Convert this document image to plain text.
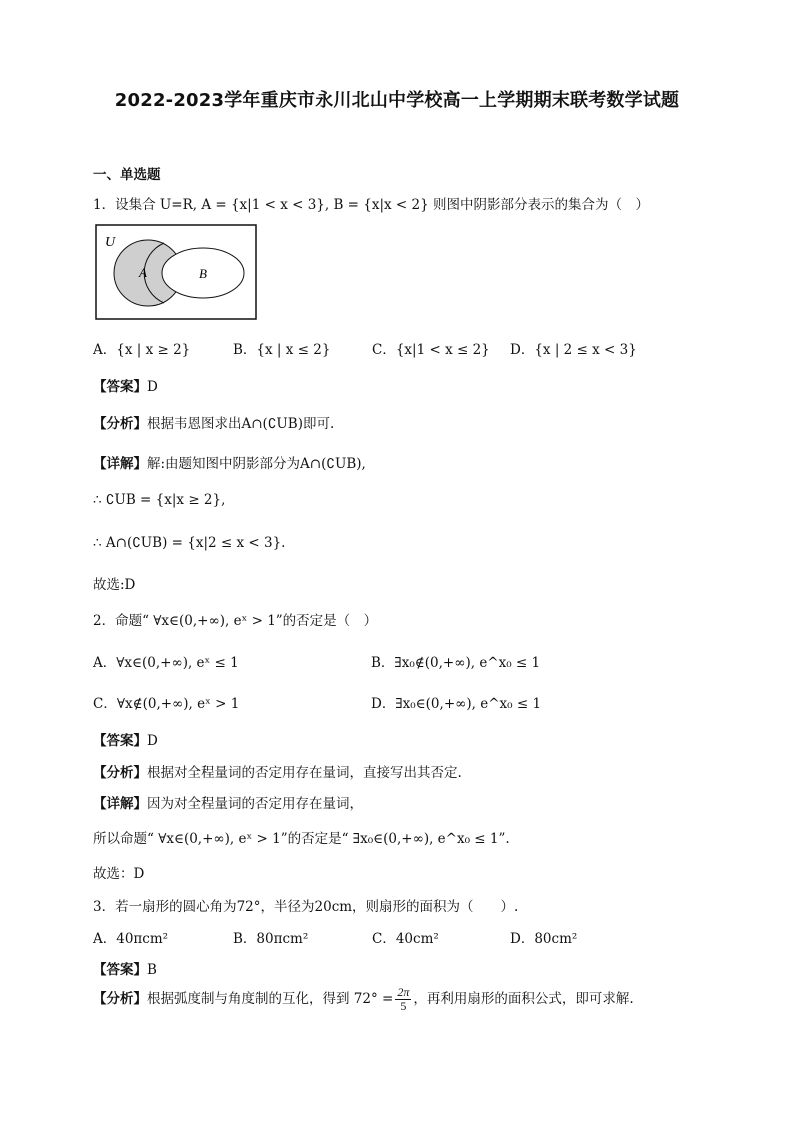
2022-2023学年重庆市永川北山中学校高一上学期期末联考数学试题
一、单选题
1．设集合 U=R, A = {x|1 < x < 3}, B = {x|x < 2} 则图中阴影部分表示的集合为（　）
U
A	B
A．{x | x ≥ 2}	B．{x | x ≤ 2}	C．{x|1 < x ≤ 2} D．{x | 2 ≤ x < 3}
【答案】D
【分析】根据韦恩图求出A∩(∁UB)即可.
【详解】解:由题知图中阴影部分为A∩(∁UB),
∴ ∁UB = {x|x ≥ 2},
∴ A∩(∁UB) = {x|2 ≤ x < 3}.
故选:D
2．命题“ ∀x∈(0,+∞), eˣ > 1”的否定是（　）
A．∀x∈(0,+∞), eˣ ≤ 1	B．∃x₀∉(0,+∞), e^x₀ ≤ 1
C．∀x∉(0,+∞), eˣ > 1	D．∃x₀∈(0,+∞), e^x₀ ≤ 1
【答案】D
【分析】根据对全程量词的否定用存在量词，直接写出其否定.
【详解】因为对全程量词的否定用存在量词，
所以命题“ ∀x∈(0,+∞), eˣ > 1”的否定是“ ∃x₀∈(0,+∞), e^x₀ ≤ 1”.
故选：D
3．若一扇形的圆心角为72°，半径为20cm，则扇形的面积为（　　）.
A．40πcm²	B．80πcm²	C．40cm²	D．80cm²
【答案】B
【分析】根据弧度制与角度制的互化，得到 $72^\circ = \frac{2\pi}{5}$ ，再利用扇形的面积公式，即可求解.
